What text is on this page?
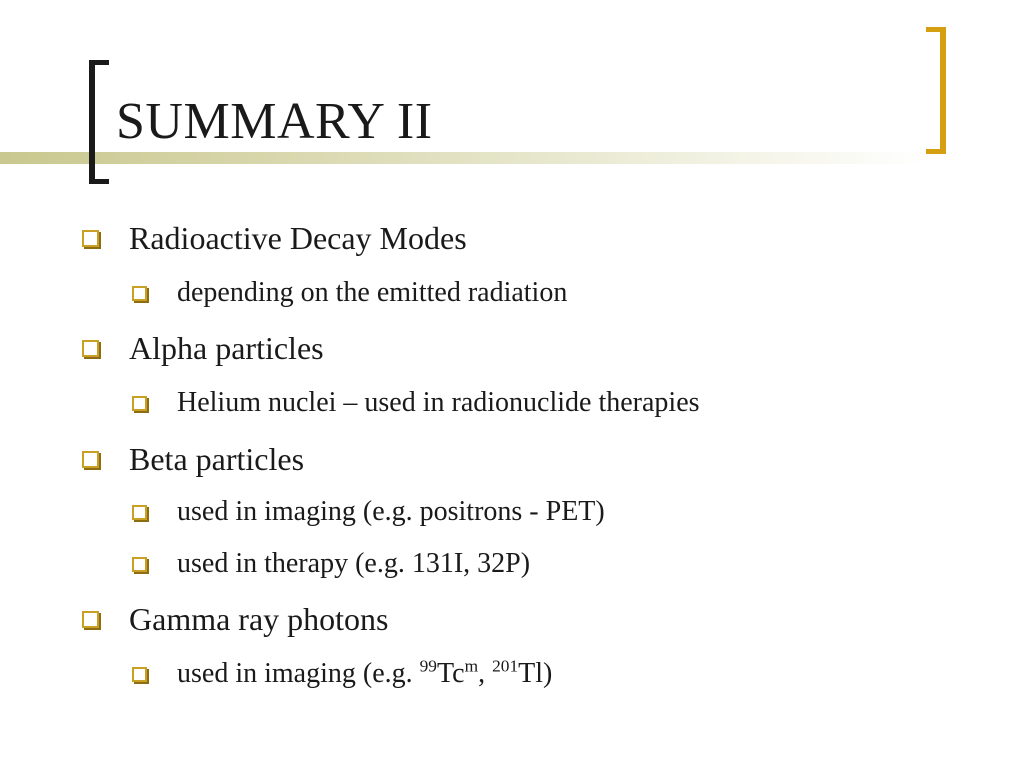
SUMMARY II
Radioactive Decay Modes
depending on the emitted radiation
Alpha particles
Helium nuclei – used in radionuclide therapies
Beta particles
used in imaging (e.g. positrons - PET)
used in therapy (e.g. 131I, 32P)
Gamma ray photons
used in imaging (e.g. $^{99}$Tc$^m$, $^{201}$Tl)
